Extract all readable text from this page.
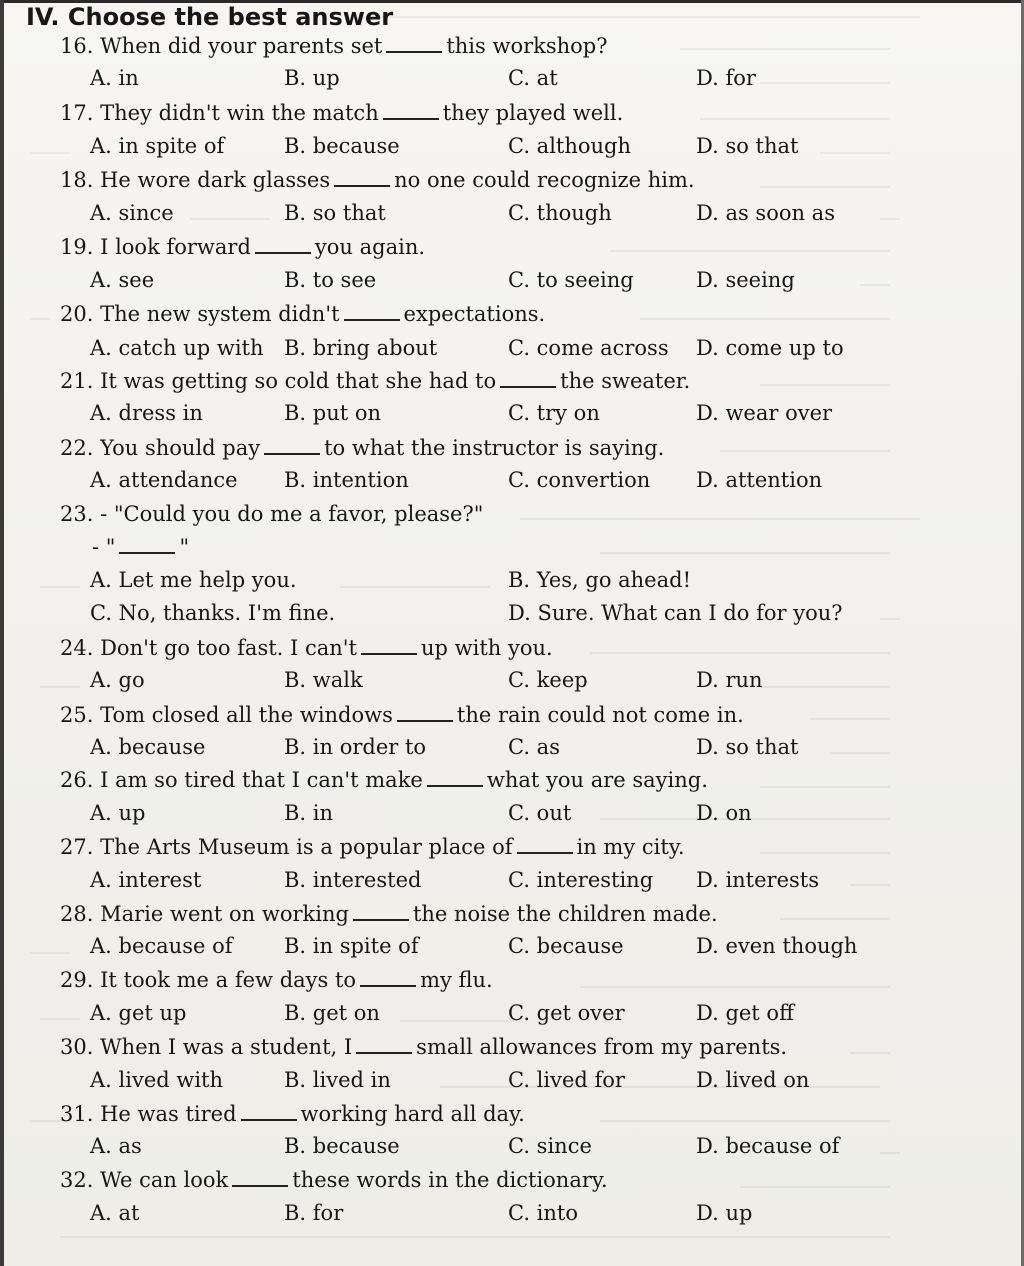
IV. Choose the best answer
16. When did your parents set	this workshop?
A. in	B. up	C. at	D. for
17. They didn't win the match	they played well.
A. in spite of	B. because	C. although	D. so that
18. He wore dark glasses	no one could recognize him.
A. since	B. so that	C. though	D. as soon as
19. I look forward	you again.
A. see	B. to see	C. to seeing	D. seeing
20. The new system didn't	expectations.
A. catch up with B. bring about	C. come across D. come up to
21. It was getting so cold that she had to	the sweater.
A. dress in	B. put on	C. try on	D. wear over
22. You should pay	to what the instructor is saying.
A. attendance B. intention	C. convertion D. attention
23. - "Could you do me a favor, please?"
- "	"
A. Let me help you.	B. Yes, go ahead!
C. No, thanks. I'm fine.	D. Sure. What can I do for you?
24. Don't go too fast. I can't	up with you.
A. go	B. walk	C. keep	D. run
25. Tom closed all the windows	the rain could not come in.
A. because	B. in order to	C. as	D. so that
26. I am so tired that I can't make	what you are saying.
A. up	B. in	C. out	D. on
27. The Arts Museum is a popular place of	in my city.
A. interest	B. interested	C. interesting D. interests
28. Marie went on working	the noise the children made.
A. because of B. in spite of	C. because	D. even though
29. It took me a few days to	my flu.
A. get up	B. get on	C. get over	D. get off
30. When I was a student, I	small allowances from my parents.
A. lived with	B. lived in	C. lived for	D. lived on
31. He was tired	working hard all day.
A. as	B. because	C. since	D. because of
32. We can look	these words in the dictionary.
A. at	B. for	C. into	D. up
